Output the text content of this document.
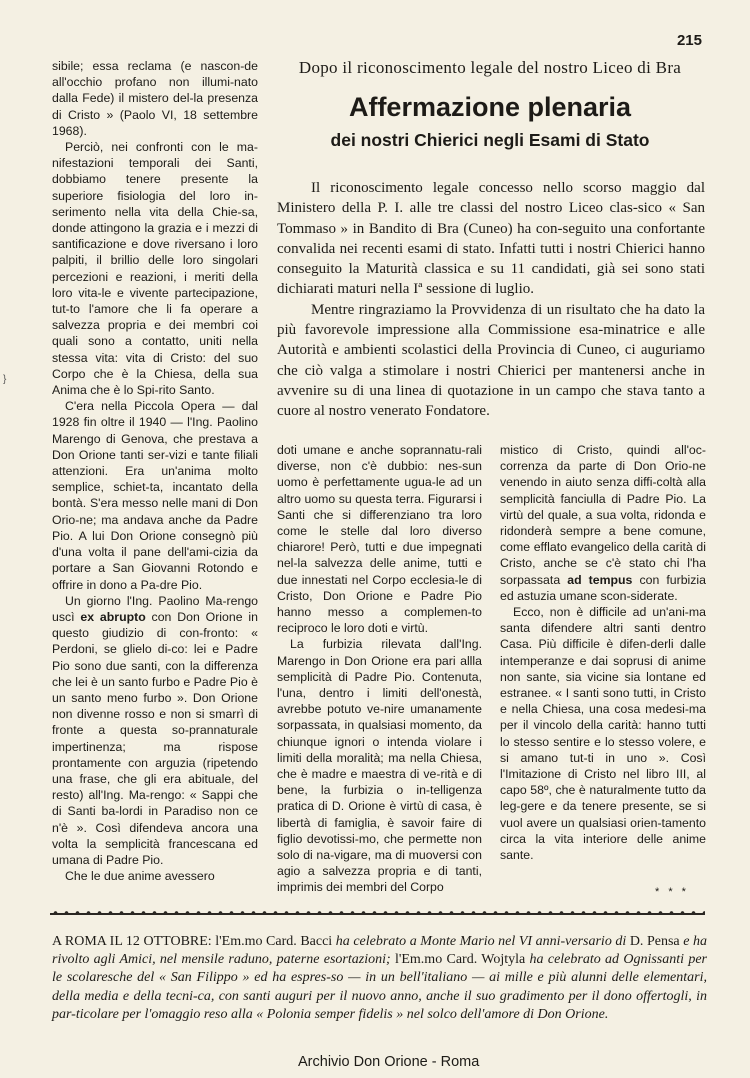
}
215

sibile; essa reclama (e nascon-de all'occhio profano non illumi-nato dalla Fede) il mistero del-la presenza di Cristo » (Paolo VI, 18 settembre 1968).

Perciò, nei confronti con le ma-nifestazioni temporali dei Santi, dobbiamo tenere presente la superiore fisiologia del loro in-serimento nella vita della Chie-sa, donde attingono la grazia e i mezzi di santificazione e dove riversano i loro palpiti, il brillio delle loro singolari percezioni e reazioni, i meriti della loro vita-le e vivente partecipazione, tut-to l'amore che li fa operare a salvezza propria e dei membri coi quali sono a contatto, uniti nella stessa vita: vita di Cristo: del suo Corpo che è la Chiesa, della sua Anima che è lo Spi-rito Santo.

C'era nella Piccola Opera — dal 1928 fin oltre il 1940 — l'Ing. Paolino Marengo di Genova, che prestava a Don Orione tanti ser-vizi e tante filiali attenzioni. Era un'anima molto semplice, schiet-ta, incantato della bontà. S'era messo nelle mani di Don Orio-ne; ma andava anche da Padre Pio. A lui Don Orione consegnò più d'una volta il pane dell'ami-cizia da portare a San Giovanni Rotondo e offrire in dono a Pa-dre Pio.

Un giorno l'Ing. Paolino Ma-rengo uscì ex abrupto con Don Orione in questo giudizio di con-fronto: « Perdoni, se glielo di-co: lei e Padre Pio sono due santi, con la differenza che lei è un santo furbo e Padre Pio è un santo meno furbo ». Don Orione non divenne rosso e non si smarrì di fronte a questa so-prannaturale impertinenza; ma rispose prontamente con arguzia (ripetendo una frase, che gli era abituale, del resto) all'Ing. Ma-rengo: « Sappi che di Santi ba-lordi in Paradiso non ce n'è ». Così difendeva ancora una volta la semplicità francescana ed umana di Padre Pio.

Che le due anime avessero

Dopo il riconoscimento legale del nostro Liceo di Bra
Affermazione plenaria
dei nostri Chierici negli Esami di Stato

Il riconoscimento legale concesso nello scorso maggio dal Ministero della P. I. alle tre classi del nostro Liceo clas-sico « San Tommaso » in Bandito di Bra (Cuneo) ha con-seguito una confortante convalida nei recenti esami di stato. Infatti tutti i nostri Chierici hanno conseguito la Maturità classica e su 11 candidati, già sei sono stati dichiarati maturi nella Iª sessione di luglio.

Mentre ringraziamo la Provvidenza di un risultato che ha dato la più favorevole impressione alla Commissione esa-minatrice e alle Autorità e ambienti scolastici della Provincia di Cuneo, ci auguriamo che ciò valga a stimolare i nostri Chierici per mantenersi anche in avvenire su di una linea di quotazione in un campo che stava tanto a cuore al nostro venerato Fondatore.

doti umane e anche soprannatu-rali diverse, non c'è dubbio: nes-sun uomo è perfettamente ugua-le ad un altro uomo su questa terra. Figurarsi i Santi che si differenziano tra loro come le stelle dal loro diverso chiarore! Però, tutti e due impegnati nel-la salvezza delle anime, tutti e due innestati nel Corpo ecclesia-le di Cristo, Don Orione e Padre Pio hanno messo a complemen-to reciproco le loro doti e virtù.

La furbizia rilevata dall'Ing. Marengo in Don Orione era pari allla semplicità di Padre Pio. Contenuta, l'una, dentro i limiti dell'onestà, avrebbe potuto ve-nire umanamente sorpassata, in qualsiasi momento, da chiunque ignori o intenda violare i limiti della moralità; ma nella Chiesa, che è madre e maestra di ve-rità e di bene, la furbizia o in-telligenza pratica di D. Orione è virtù di casa, è libertà di famiglia, è savoir faire di figlio devotissi-mo, che permette non solo di na-vigare, ma di muoversi con agio a salvezza propria e di tanti, imprimis dei membri del Corpo

mistico di Cristo, quindi all'oc-correnza da parte di Don Orio-ne venendo in aiuto senza diffi-coltà alla semplicità fanciulla di Padre Pio. La virtù del quale, a sua volta, ridonda e ridonderà sempre a bene comune, come efflato evangelico della carità di Cristo, anche se c'è stato chi l'ha sorpassata ad tempus con furbizia ed astuzia umane scon-siderate.

Ecco, non è difficile ad un'ani-ma santa difendere altri santi dentro Casa. Più difficile è difen-derli dalle intemperanze e dai soprusi di anime non sante, sia vicine sia lontane ed estranee. « I santi sono tutti, in Cristo e nella Chiesa, una cosa medesi-ma per il vincolo della carità: hanno tutti lo stesso sentire e lo stesso volere, e si amano tut-ti in uno ». Così l'Imitazione di Cristo nel libro III, al capo 58º, che è naturalmente tutto da leg-gere e da tenere presente, se si vuol avere un qualsiasi orien-tamento circa la vita interiore delle anime sante.

* * *
A ROMA IL 12 OTTOBRE: l'Em.mo Card. Bacci ha celebrato a Monte Mario nel VI anni-versario di D. Pensa e ha rivolto agli Amici, nel mensile raduno, paterne esortazioni; l'Em.mo Card. Wojtyla ha celebrato ad Ognissanti per le scolaresche del « San Filippo » ed ha espres-so — in un bell'italiano — ai mille e più alunni delle elementari, della media e della tecni-ca, con santi auguri per il nuovo anno, anche il suo gradimento per il dono offertogli, in par-ticolare per l'omaggio reso alla « Polonia semper fidelis » nel solco dell'amore di Don Orione.
Archivio Don Orione - Roma
